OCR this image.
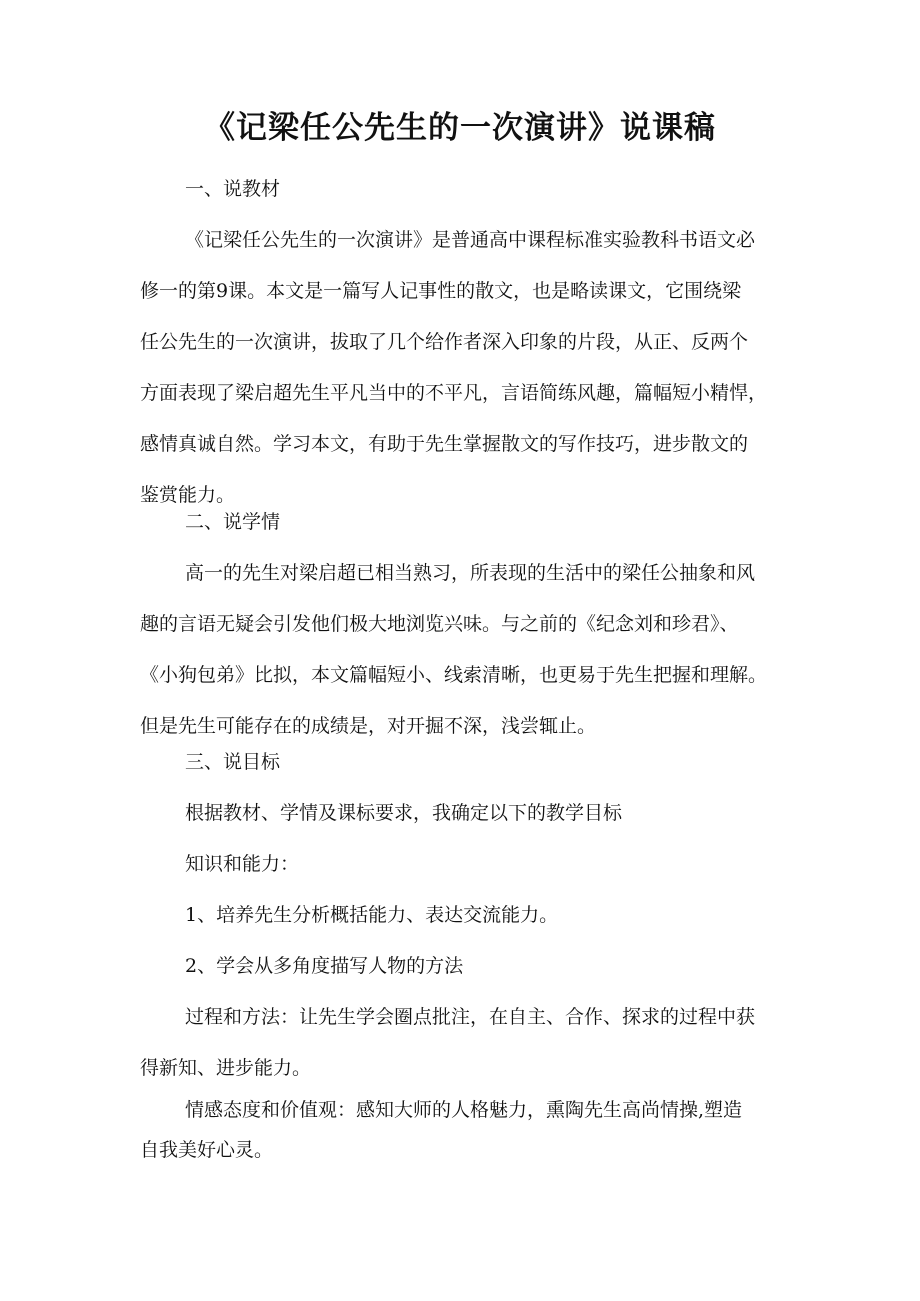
《记梁任公先生的一次演讲》说课稿
一、说教材
《记梁任公先生的一次演讲》是普通高中课程标准实验教科书语文必
修一的第9课。本文是一篇写人记事性的散文，也是略读课文，它围绕梁
任公先生的一次演讲，拔取了几个给作者深入印象的片段，从正、反两个
方面表现了梁启超先生平凡当中的不平凡，言语简练风趣，篇幅短小精悍，
感情真诚自然。学习本文，有助于先生掌握散文的写作技巧，进步散文的
鉴赏能力。
二、说学情
高一的先生对梁启超已相当熟习，所表现的生活中的梁任公抽象和风
趣的言语无疑会引发他们极大地浏览兴味。与之前的《纪念刘和珍君》、
《小狗包弟》比拟，本文篇幅短小、线索清晰，也更易于先生把握和理解。
但是先生可能存在的成绩是，对开掘不深，浅尝辄止。
三、说目标
根据教材、学情及课标要求，我确定以下的教学目标
知识和能力：
1、培养先生分析概括能力、表达交流能力。
2、学会从多角度描写人物的方法
过程和方法：让先生学会圈点批注，在自主、合作、探求的过程中获
得新知、进步能力。
情感态度和价值观：感知大师的人格魅力，熏陶先生高尚情操,塑造
自我美好心灵。
